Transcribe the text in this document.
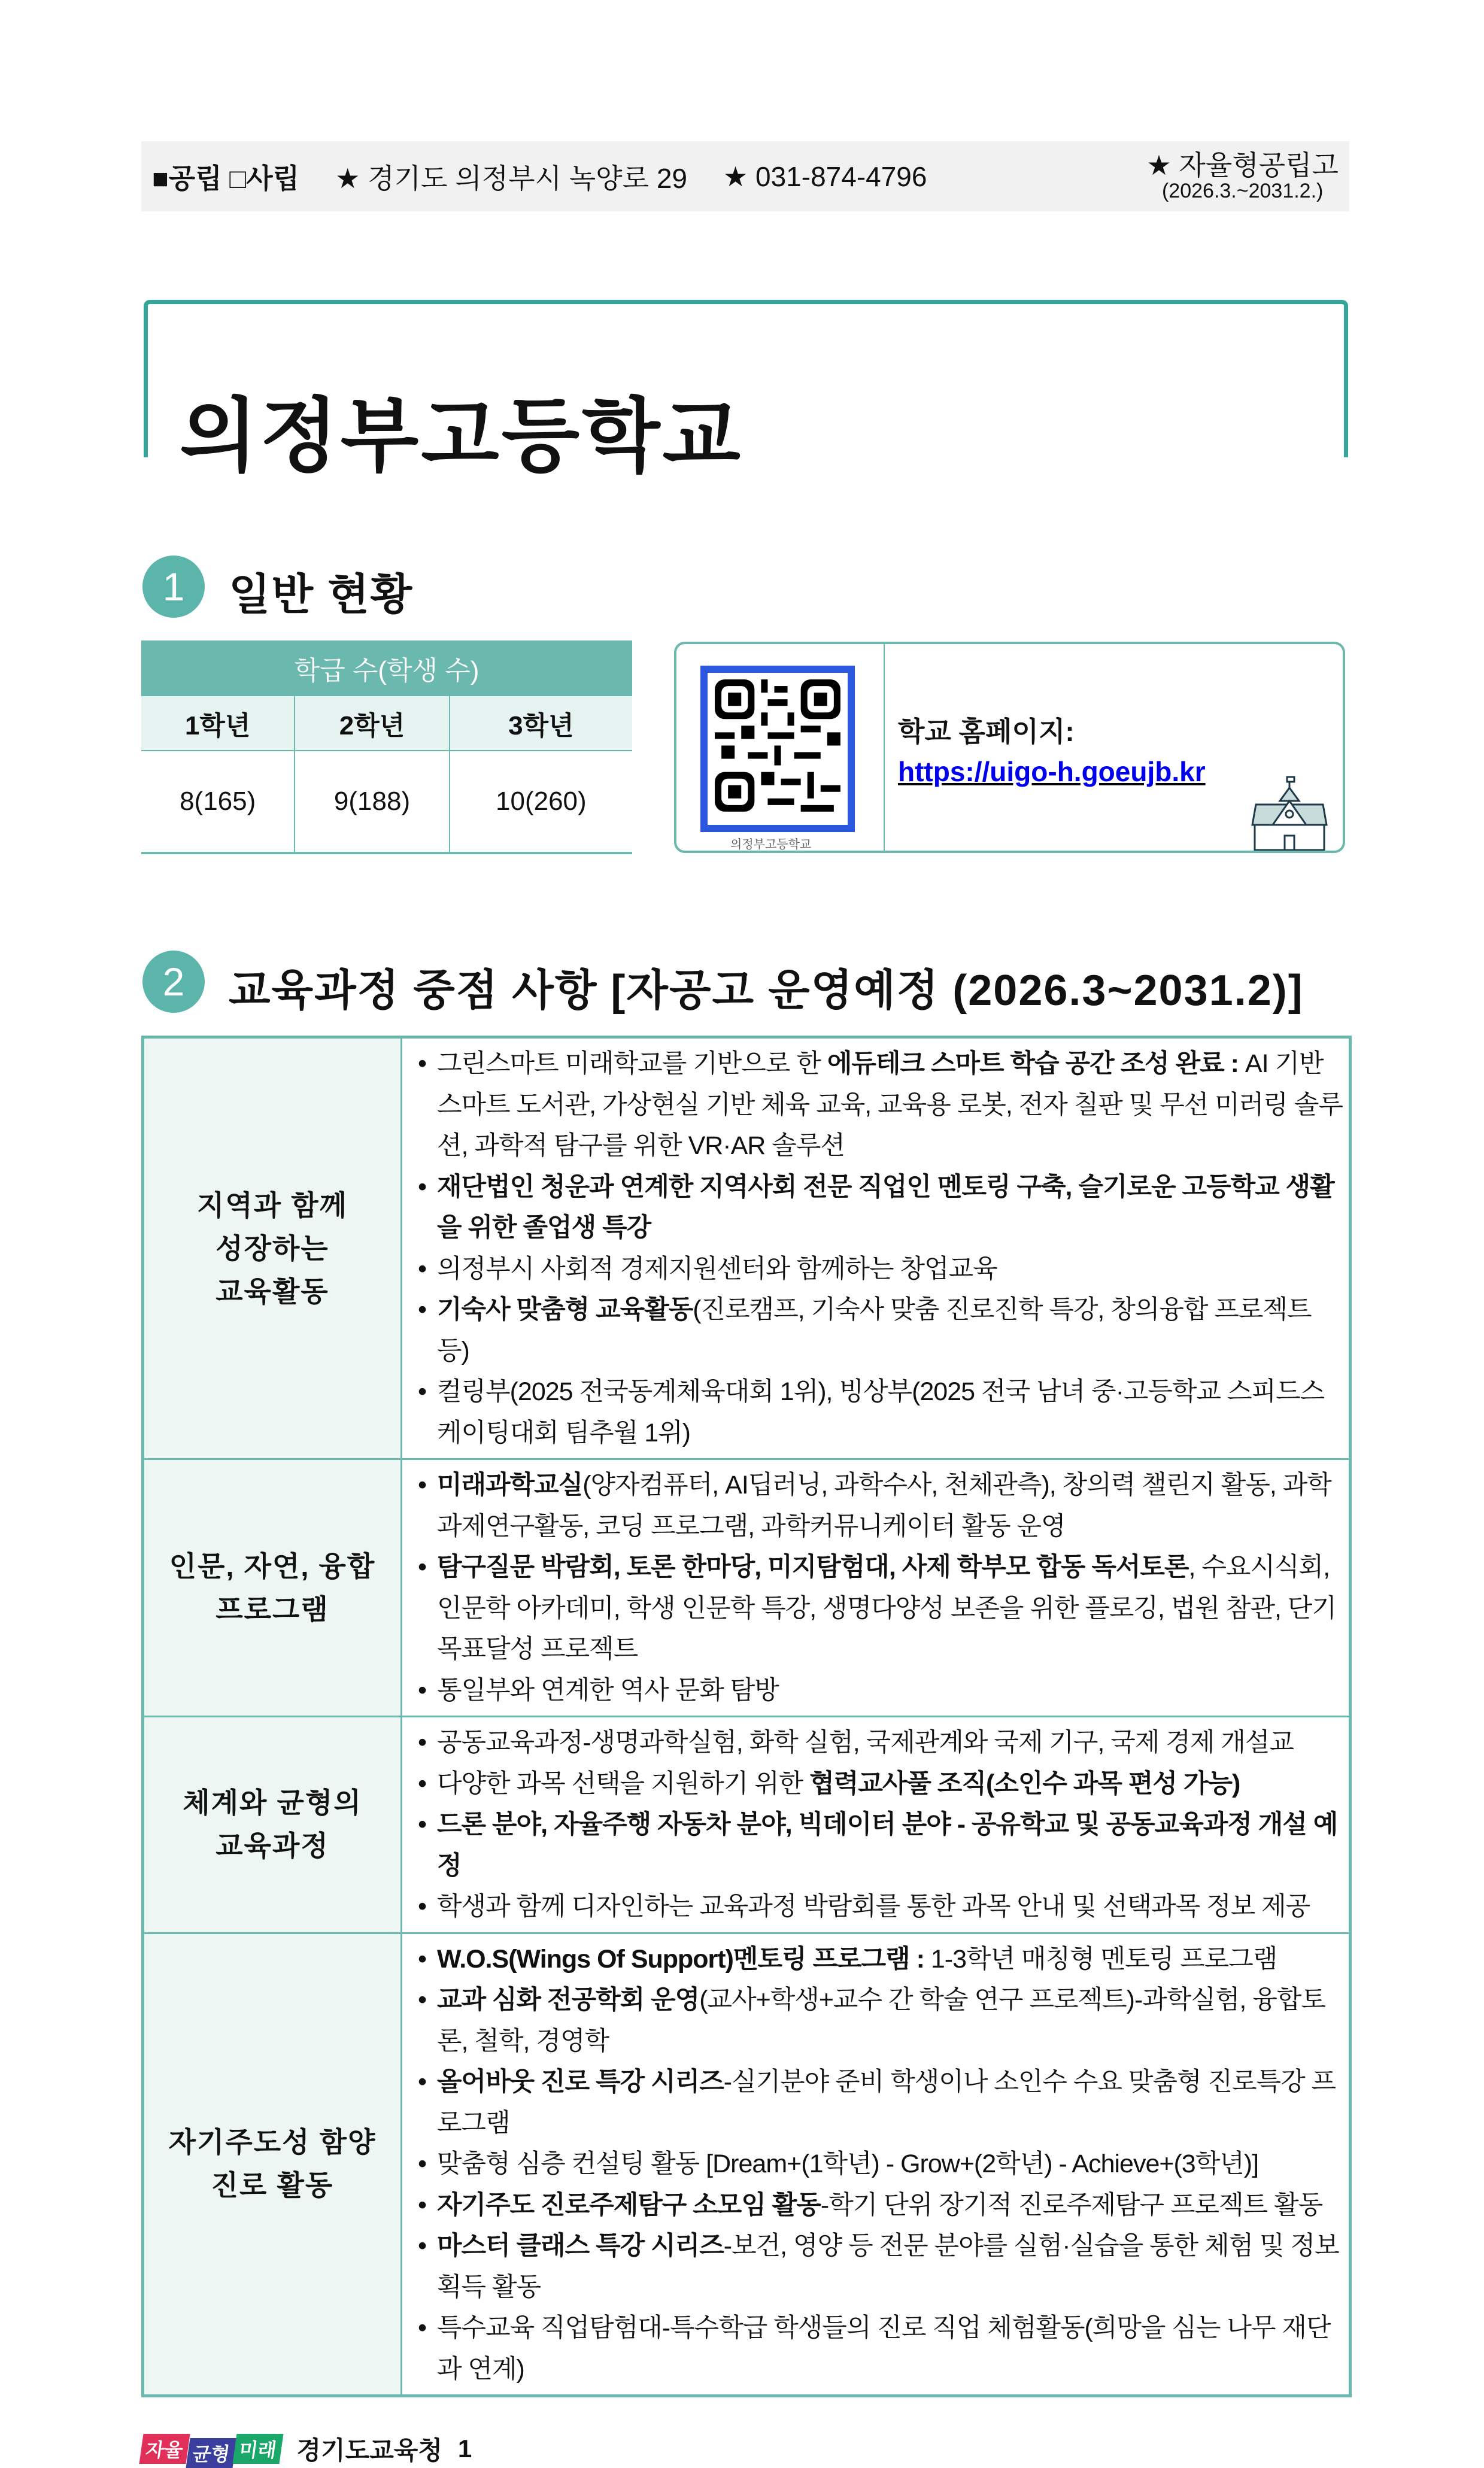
■공립 □사립 ★ 경기도 의정부시 녹양로 29 ★ 031-874-4796	★ 자율형공립고
(2026.3.~2031.2.)
의정부고등학교
1	일반 현황
학급 수(학생 수)		
1학년	2학년	3학년
8(165)	9(188)	10(260)
의정부고등학교
학교 홈페이지:
https://uigo-h.goeujb.kr
2	교육과정 중점 사항 [자공고 운영예정 (2026.3~2031.2)]
지역과 함께
성장하는
교육활동
• 그린스마트 미래학교를 기반으로 한 에듀테크 스마트 학습 공간 조성 완료 : AI 기반 스마트 도서관, 가상현실 기반 체육 교육, 교육용 로봇, 전자 칠판 및 무선 미러링 솔루션, 과학적 탐구를 위한 VR·AR 솔루션
• 재단법인 청운과 연계한 지역사회 전문 직업인 멘토링 구축, 슬기로운 고등학교 생활을 위한 졸업생 특강
• 의정부시 사회적 경제지원센터와 함께하는 창업교육
• 기숙사 맞춤형 교육활동(진로캠프, 기숙사 맞춤 진로진학 특강, 창의융합 프로젝트 등)
• 컬링부(2025 전국동계체육대회 1위), 빙상부(2025 전국 남녀 중·고등학교 스피드스케이팅대회 팀추월 1위)
인문, 자연, 융합
프로그램
• 미래과학교실(양자컴퓨터, AI딥러닝, 과학수사, 천체관측), 창의력 챌린지 활동, 과학과제연구활동, 코딩 프로그램, 과학커뮤니케이터 활동 운영
• 탐구질문 박람회, 토론 한마당, 미지탐험대, 사제 학부모 합동 독서토론, 수요시식회, 인문학 아카데미, 학생 인문학 특강, 생명다양성 보존을 위한 플로깅, 법원 참관, 단기 목표달성 프로젝트
• 통일부와 연계한 역사 문화 탐방
체계와 균형의
교육과정
• 공동교육과정-생명과학실험, 화학 실험, 국제관계와 국제 기구, 국제 경제 개설교
• 다양한 과목 선택을 지원하기 위한 협력교사풀 조직(소인수 과목 편성 가능)
• 드론 분야, 자율주행 자동차 분야, 빅데이터 분야 - 공유학교 및 공동교육과정 개설 예정
• 학생과 함께 디자인하는 교육과정 박람회를 통한 과목 안내 및 선택과목 정보 제공
자기주도성 함양
진로 활동
• W.O.S(Wings Of Support)멘토링 프로그램 : 1-3학년 매칭형 멘토링 프로그램
• 교과 심화 전공학회 운영(교사+학생+교수 간 학술 연구 프로젝트)-과학실험, 융합토론, 철학, 경영학
• 올어바웃 진로 특강 시리즈-실기분야 준비 학생이나 소인수 수요 맞춤형 진로특강 프로그램
• 맞춤형 심층 컨설팅 활동 [Dream+(1학년) - Grow+(2학년) - Achieve+(3학년)]
• 자기주도 진로주제탐구 소모임 활동-학기 단위 장기적 진로주제탐구 프로젝트 활동
• 마스터 클래스 특강 시리즈-보건, 영양 등 전문 분야를 실험·실습을 통한 체험 및 정보획득 활동
• 특수교육 직업탐험대-특수학급 학생들의 진로 직업 체험활동(희망을 심는 나무 재단과 연계)
자율 균형 미래 경기도교육청 1
